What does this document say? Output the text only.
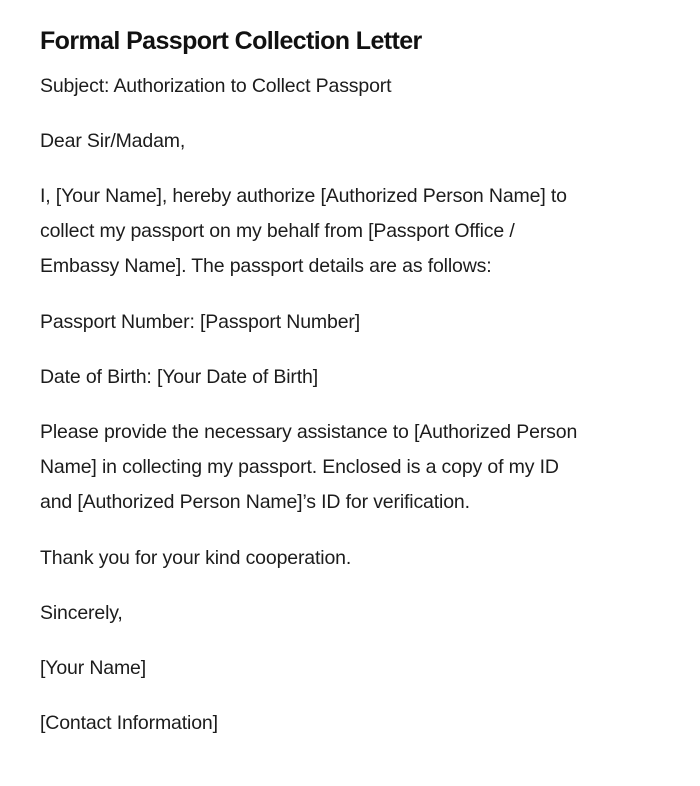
Formal Passport Collection Letter

Subject: Authorization to Collect Passport

Dear Sir/Madam,

I, [Your Name], hereby authorize [Authorized Person Name] to
collect my passport on my behalf from [Passport Office /
Embassy Name]. The passport details are as follows:

Passport Number: [Passport Number]

Date of Birth: [Your Date of Birth]

Please provide the necessary assistance to [Authorized Person
Name] in collecting my passport. Enclosed is a copy of my ID
and [Authorized Person Name]’s ID for verification.

Thank you for your kind cooperation.

Sincerely,

[Your Name]

[Contact Information]
